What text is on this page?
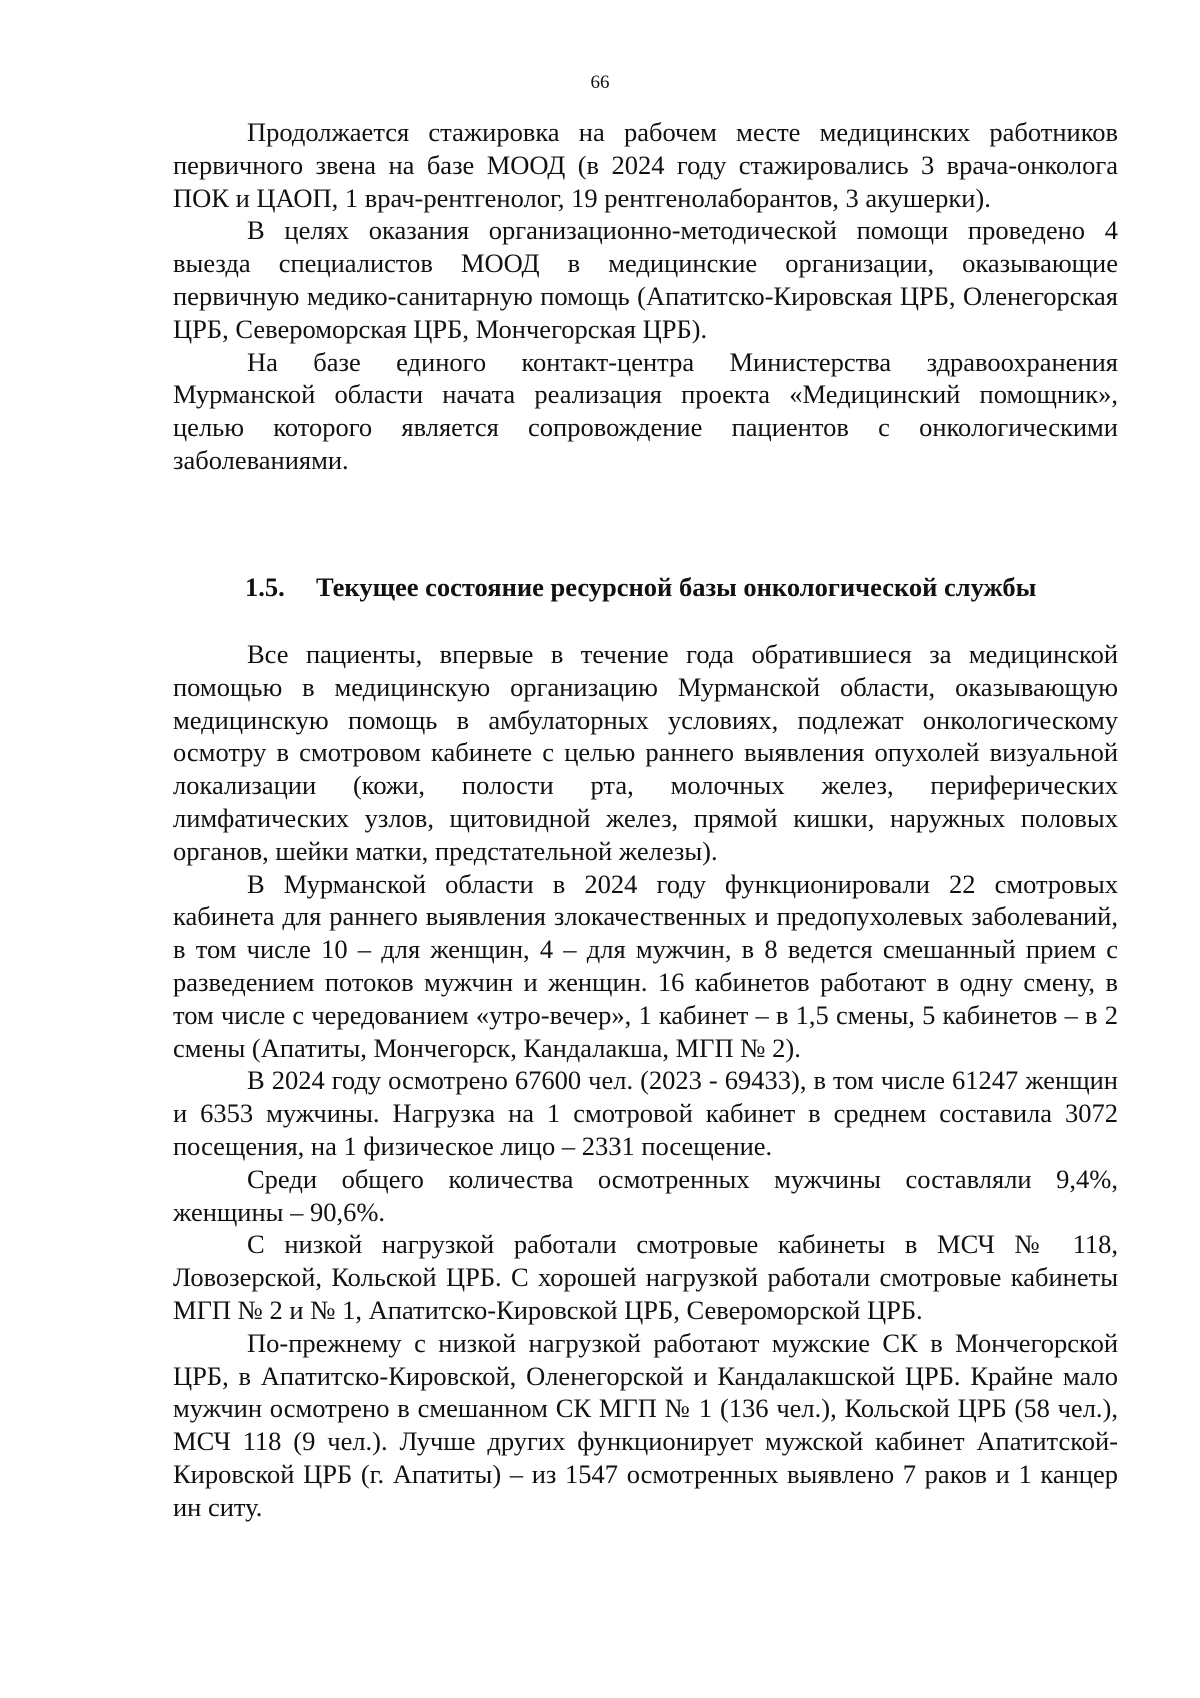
66

Продолжается стажировка на рабочем месте медицинских работников первичного звена на базе МООД (в 2024 году стажировались 3 врача-онколога ПОК и ЦАОП, 1 врач-рентгенолог, 19 рентгенолаборантов, 3 акушерки).

В целях оказания организационно-методической помощи проведено 4 выезда специалистов МООД в медицинские организации, оказывающие первичную медико-санитарную помощь (Апатитско-Кировская ЦРБ, Оленегорская ЦРБ, Североморская ЦРБ, Мончегорская ЦРБ).

На базе единого контакт-центра Министерства здравоохранения Мурманской области начата реализация проекта «Медицинский помощник», целью которого является сопровождение пациентов с онкологическими заболеваниями.

1.5. Текущее состояние ресурсной базы онкологической службы

Все пациенты, впервые в течение года обратившиеся за медицинской помощью в медицинскую организацию Мурманской области, оказывающую медицинскую помощь в амбулаторных условиях, подлежат онкологическому осмотру в смотровом кабинете с целью раннего выявления опухолей визуальной локализации (кожи, полости рта, молочных желез, периферических лимфатических узлов, щитовидной желез, прямой кишки, наружных половых органов, шейки матки, предстательной железы).

В Мурманской области в 2024 году функционировали 22 смотровых кабинета для раннего выявления злокачественных и предопухолевых заболеваний, в том числе 10 – для женщин, 4 – для мужчин, в 8 ведется смешанный прием с разведением потоков мужчин и женщин. 16 кабинетов работают в одну смену, в том числе с чередованием «утро-вечер», 1 кабинет – в 1,5 смены, 5 кабинетов – в 2 смены (Апатиты, Мончегорск, Кандалакша, МГП № 2).

В 2024 году осмотрено 67600 чел. (2023 - 69433), в том числе 61247 женщин и 6353 мужчины. Нагрузка на 1 смотровой кабинет в среднем составила 3072 посещения, на 1 физическое лицо – 2331 посещение.

Среди общего количества осмотренных мужчины составляли 9,4%, женщины – 90,6%.

С низкой нагрузкой работали смотровые кабинеты в МСЧ № 118, Ловозерской, Кольской ЦРБ. С хорошей нагрузкой работали смотровые кабинеты МГП № 2 и № 1, Апатитско-Кировской ЦРБ, Североморской ЦРБ.

По-прежнему с низкой нагрузкой работают мужские СК в Мончегорской ЦРБ, в Апатитско-Кировской, Оленегорской и Кандалакшской ЦРБ. Крайне мало мужчин осмотрено в смешанном СК МГП № 1 (136 чел.), Кольской ЦРБ (58 чел.), МСЧ 118 (9 чел.). Лучше других функционирует мужской кабинет Апатитской-Кировской ЦРБ (г. Апатиты) – из 1547 осмотренных выявлено 7 раков и 1 канцер ин ситу.
